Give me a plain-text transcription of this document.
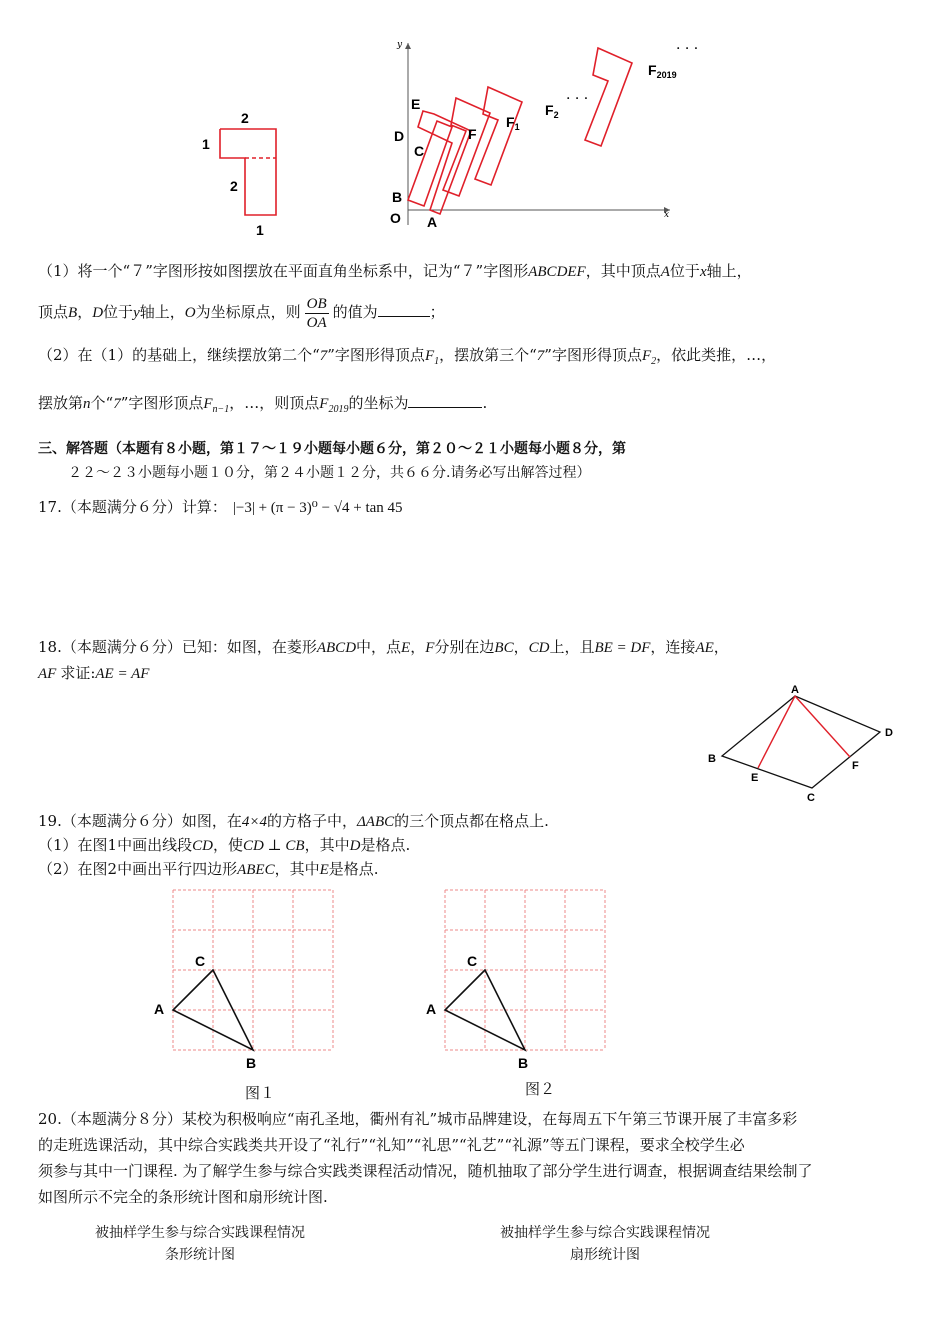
2
1
2
1
x
y
O A
B
C
D
E
F
$F_1$
$F_2$
· · ·
$F_{2019}$
· · ·
（1）将一个“７”字图形按如图摆放在平面直角坐标系中，记为“７”字图形ABCDEF，其中顶点A位于x轴上，
顶点B，D位于y轴上，O为坐标原点，则 $\frac{OB}{OA}$ 的值为	；
（2）在（1）的基础上，继续摆放第二个“7”字图形得顶点$F_1$，摆放第三个“7”字图形得顶点$F_2$，依此类推，…，
摆放第n个“7”字图形顶点$F_{n-1}$，…，则顶点$F_{2019}$的坐标为	.
三、解答题（本题有８小题，第１７～１９小题每小题６分，第２０～２１小题每小题８分，第
２２～２３小题每小题１０分，第２４小题１２分，共６６分.请务必写出解答过程）
17.（本题满分６分）计算： |−3| + (π − 3)⁰ − √4 + tan 45
18.（本题满分６分）已知：如图，在菱形ABCD中，点E，F分别在边BC，CD上，且BE = DF，连接AE，
AF 求证:AE = AF
A
D
B
E
F
C
19.（本题满分６分）如图，在4×4的方格子中，ΔABC的三个顶点都在格点上.
（1）在图1中画出线段CD，使CD ⊥ CB，其中D是格点.
（2）在图2中画出平行四边形ABEC，其中E是格点.
C
A
B
图１
C
A
B
图２
20.（本题满分８分）某校为积极响应“南孔圣地，衢州有礼”城市品牌建设，在每周五下午第三节课开展了丰富多彩
的走班选课活动，其中综合实践类共开设了“礼行”“礼知”“礼思”“礼艺”“礼源”等五门课程，要求全校学生必
须参与其中一门课程. 为了解学生参与综合实践类课程活动情况，随机抽取了部分学生进行调查，根据调查结果绘制了
如图所示不完全的条形统计图和扇形统计图.
被抽样学生参与综合实践课程情况
条形统计图
被抽样学生参与综合实践课程情况
扇形统计图
